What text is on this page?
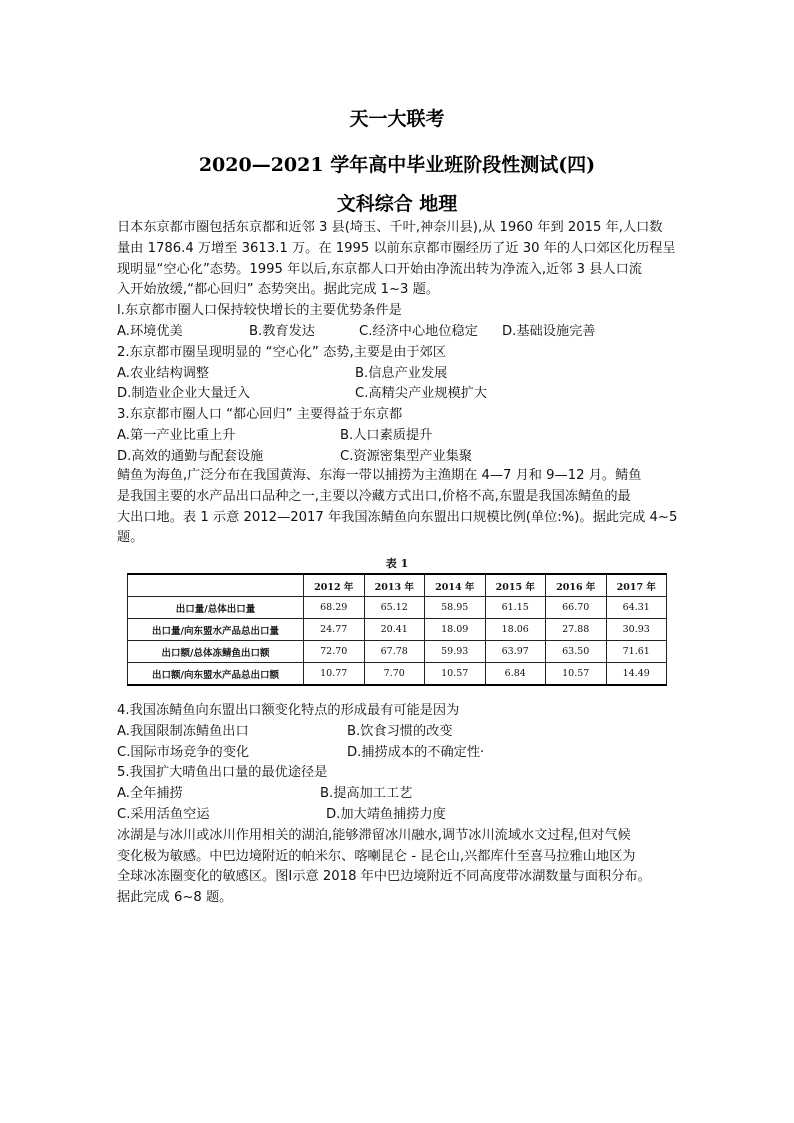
天一大联考
2020—2021 学年高中毕业班阶段性测试(四)
文科综合 地理

日本东京都市圈包括东京都和近邻 3 县(埼玉、千叶,神奈川县),从 1960 年到 2015 年,人口数

量由 1786.4 万增至 3613.1 万。在 1995 以前东京都市圈经历了近 30 年的人口郊区化历程呈

现明显“空心化”态势。1995 年以后,东京都人口开始由净流出转为净流入,近邻 3 县人口流

入开始放缓,“都心回归” 态势突出。据此完成 1~3 题。

l.东京都市圈人口保持较快增长的主要优势条件是

A.环境优美	B.教育发达	C.经济中心地位稳定	D.基础设施完善

2.东京都市圈呈现明显的 “空心化” 态势,主要是由于郊区

A.农业结构调整	B.信息产业发展
D.制造业企业大量迁入	C.高精尖产业规模扩大

3.东京都市圈人口 “都心回归” 主要得益于东京都

A.第一产业比重上升	B.人口素质提升
D.高效的通勤与配套设施	C.资源密集型产业集聚

鲭鱼为海鱼,广泛分布在我国黄海、东海一带以捕捞为主渔期在 4—7 月和 9—12 月。鲭鱼

是我国主要的水产品出口品种之一,主要以冷藏方式出口,价格不高,东盟是我国冻鲭鱼的最

大出口地。表 1 示意 2012—2017 年我国冻鲭鱼向东盟出口规模比例(单位:%)。据此完成 4~5

题。

表 1
	2012 年	2013 年	2014 年	2015 年	2016 年	2017 年
出口量/总体出口量	68.29	65.12	58.95	61.15	66.70	64.31
出口量/向东盟水产品总出口量	24.77	20.41	18.09	18.06	27.88	30.93
出口额/总体冻鲭鱼出口额	72.70	67.78	59.93	63.97	63.50	71.61
出口额/向东盟水产品总出口额	10.77	7.70	10.57	6.84	10.57	14.49

4.我国冻鲭鱼向东盟出口额变化特点的形成最有可能是因为

A.我国限制冻鲭鱼出口	B.饮食习惯的改变
C.国际市场竞争的变化	D.捕捞成本的不确定性·

5.我国扩大晴鱼出口量的最优途径是

A.全年捕捞	B.提高加工工艺
C.采用活鱼空运	D.加大靖鱼捕捞力度

冰湖是与冰川或冰川作用相关的湖泊,能够滞留冰川融水,调节冰川流域水文过程,但对气候

变化极为敏感。中巴边境附近的帕米尔、喀喇昆仑 - 昆仑山,兴都库什至喜马拉雅山地区为

全球冰冻圈变化的敏感区。图Ⅰ示意 2018 年中巴边境附近不同高度带冰湖数量与面积分布。

据此完成 6~8 题。
